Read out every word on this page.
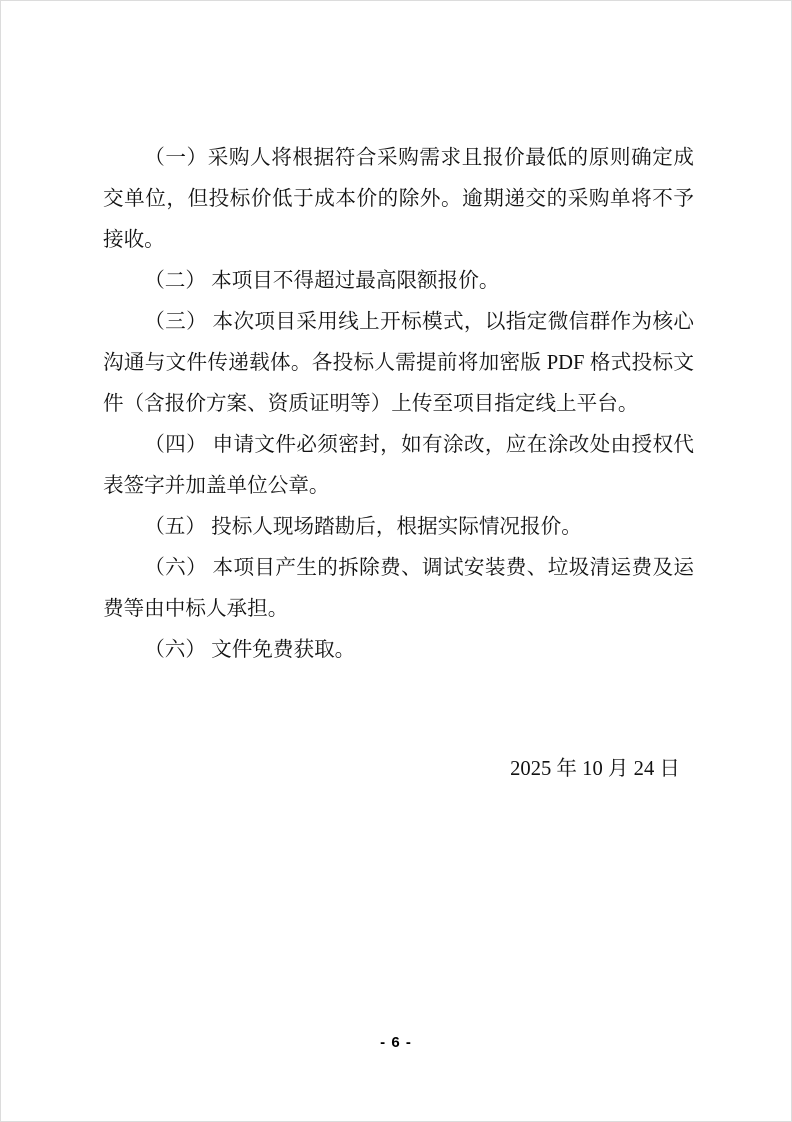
（一）采购人将根据符合采购需求且报价最低的原则确定成交单位，但投标价低于成本价的除外。逾期递交的采购单将不予接收。

（二） 本项目不得超过最高限额报价。

（三） 本次项目采用线上开标模式，以指定微信群作为核心沟通与文件传递载体。各投标人需提前将加密版 PDF 格式投标文件（含报价方案、资质证明等）上传至项目指定线上平台。

（四） 申请文件必须密封，如有涂改，应在涂改处由授权代表签字并加盖单位公章。

（五） 投标人现场踏勘后，根据实际情况报价。

（六） 本项目产生的拆除费、调试安装费、垃圾清运费及运费等由中标人承担。

（六） 文件免费获取。

2025 年 10 月 24 日

- 6 -
